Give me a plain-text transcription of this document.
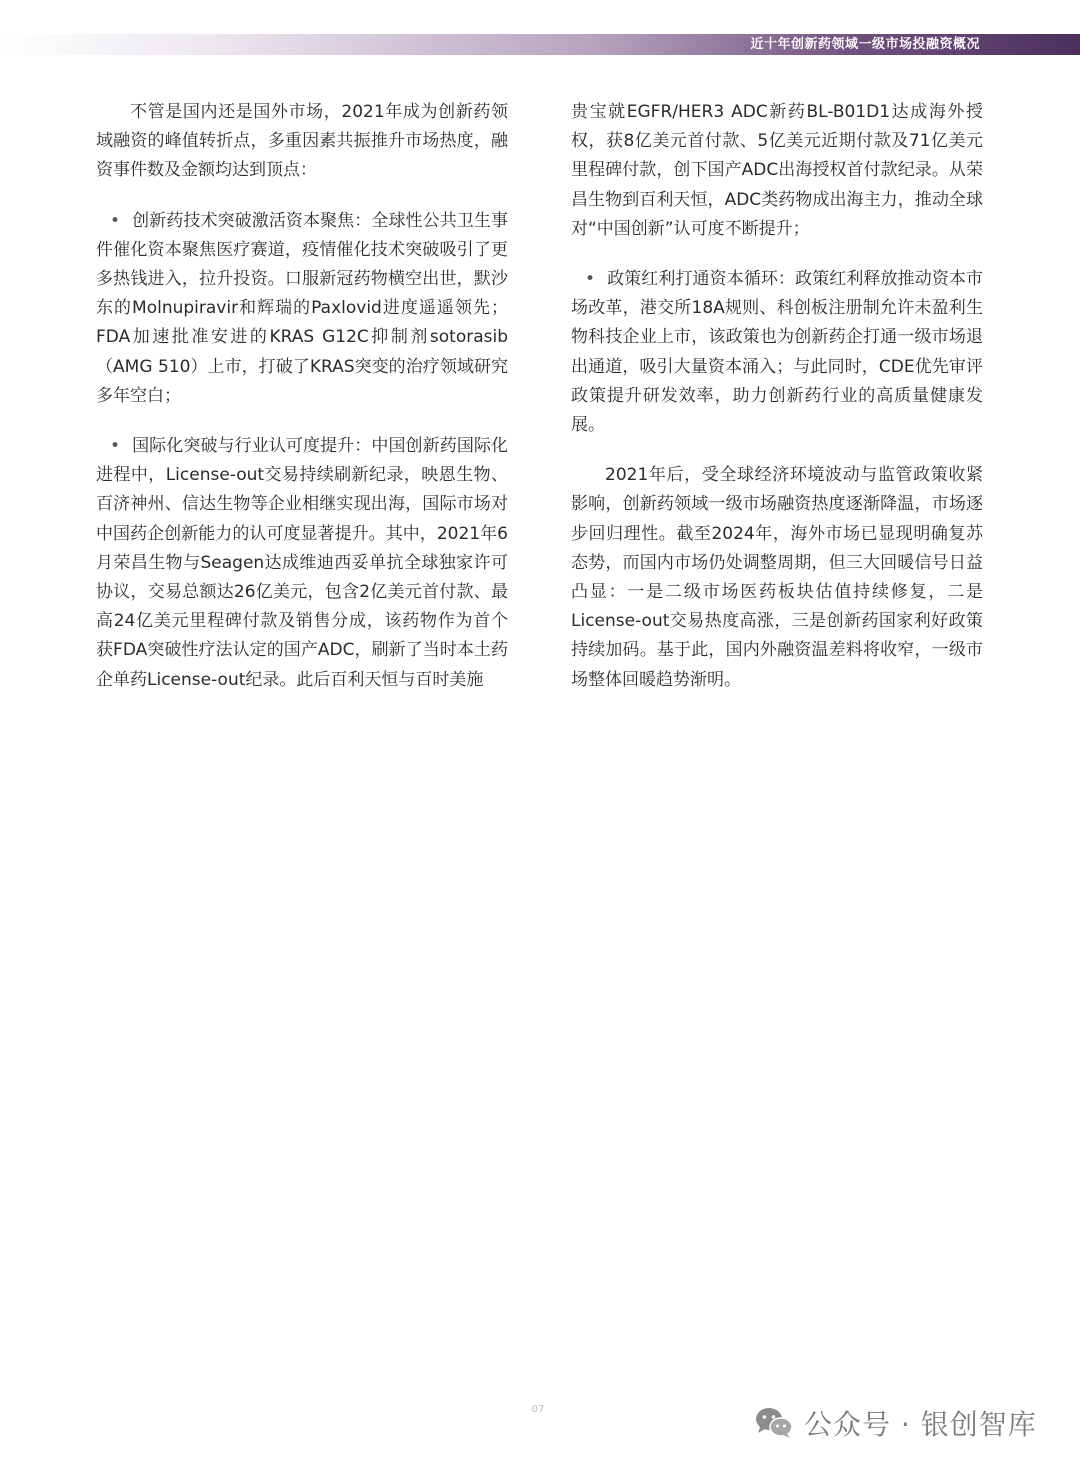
近十年创新药领域一级市场投融资概况

不管是国内还是国外市场，2021年成为创新药领域融资的峰值转折点，多重因素共振推升市场热度，融资事件数及金额均达到顶点：

• 创新药技术突破激活资本聚焦：全球性公共卫生事件催化资本聚焦医疗赛道，疫情催化技术突破吸引了更多热钱进入，拉升投资。口服新冠药物横空出世，默沙东的Molnupiravir和辉瑞的Paxlovid进度遥遥领先；FDA加速批准安进的KRAS G12C抑制剂sotorasib（AMG 510）上市，打破了KRAS突变的治疗领域研究多年空白；

• 国际化突破与行业认可度提升：中国创新药国际化进程中，License-out交易持续刷新纪录，映恩生物、百济神州、信达生物等企业相继实现出海，国际市场对中国药企创新能力的认可度显著提升。其中，2021年6月荣昌生物与Seagen达成维迪西妥单抗全球独家许可协议，交易总额达26亿美元，包含2亿美元首付款、最高24亿美元里程碑付款及销售分成，该药物作为首个获FDA突破性疗法认定的国产ADC，刷新了当时本土药企单药License-out纪录。此后百利天恒与百时美施

贵宝就EGFR/HER3 ADC新药BL-B01D1达成海外授权，获8亿美元首付款、5亿美元近期付款及71亿美元里程碑付款，创下国产ADC出海授权首付款纪录。从荣昌生物到百利天恒，ADC类药物成出海主力，推动全球对“中国创新”认可度不断提升；

• 政策红利打通资本循环：政策红利释放推动资本市场改革，港交所18A规则、科创板注册制允许未盈利生物科技企业上市，该政策也为创新药企打通一级市场退出通道，吸引大量资本涌入；与此同时，CDE优先审评政策提升研发效率，助力创新药行业的高质量健康发展。

2021年后，受全球经济环境波动与监管政策收紧影响，创新药领域一级市场融资热度逐渐降温，市场逐步回归理性。截至2024年，海外市场已显现明确复苏态势，而国内市场仍处调整周期，但三大回暖信号日益凸显：一是二级市场医药板块估值持续修复，二是License-out交易热度高涨，三是创新药国家利好政策持续加码。基于此，国内外融资温差料将收窄，一级市场整体回暖趋势渐明。

07	公众号 · 银创智库
